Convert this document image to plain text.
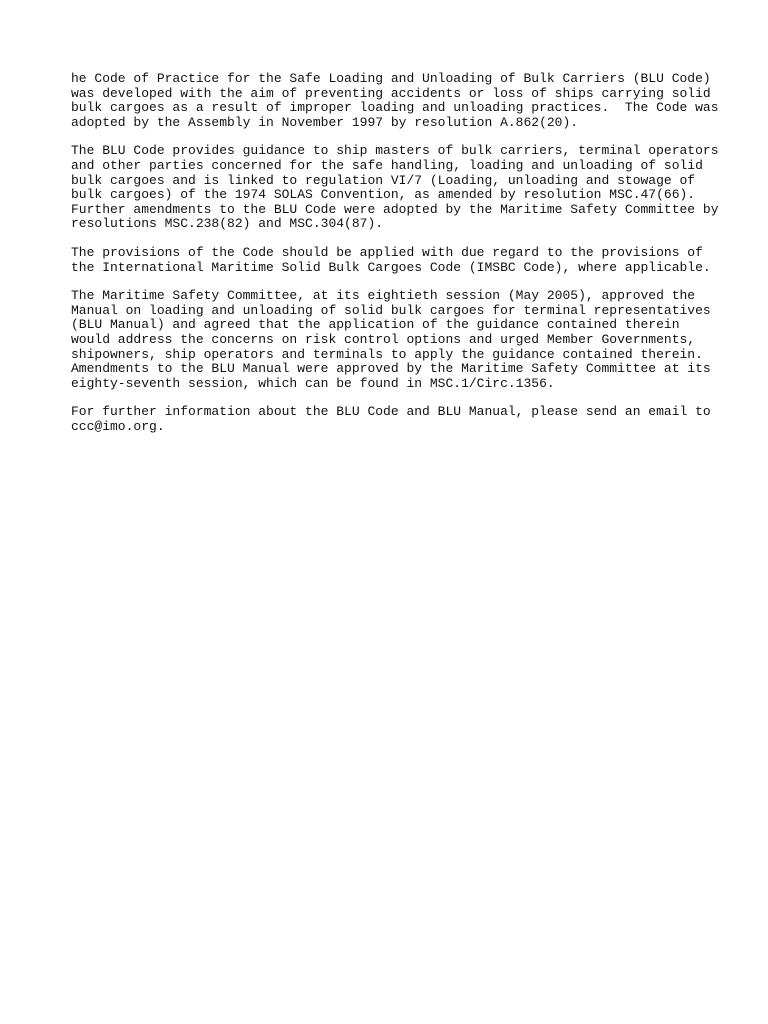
he Code of Practice for the Safe Loading and Unloading of Bulk Carriers (BLU Code)
was developed with the aim of preventing accidents or loss of ships carrying solid
bulk cargoes as a result of improper loading and unloading practices.  The Code was
adopted by the Assembly in November 1997 by resolution A.862(20).
The BLU Code provides guidance to ship masters of bulk carriers, terminal operators
and other parties concerned for the safe handling, loading and unloading of solid
bulk cargoes and is linked to regulation VI/7 (Loading, unloading and stowage of
bulk cargoes) of the 1974 SOLAS Convention, as amended by resolution MSC.47(66).
Further amendments to the BLU Code were adopted by the Maritime Safety Committee by
resolutions MSC.238(82) and MSC.304(87).
The provisions of the Code should be applied with due regard to the provisions of
the International Maritime Solid Bulk Cargoes Code (IMSBC Code), where applicable.
The Maritime Safety Committee, at its eightieth session (May 2005), approved the
Manual on loading and unloading of solid bulk cargoes for terminal representatives
(BLU Manual) and agreed that the application of the guidance contained therein
would address the concerns on risk control options and urged Member Governments,
shipowners, ship operators and terminals to apply the guidance contained therein.
Amendments to the BLU Manual were approved by the Maritime Safety Committee at its
eighty-seventh session, which can be found in MSC.1/Circ.1356.
For further information about the BLU Code and BLU Manual, please send an email to
ccc@imo.org.
